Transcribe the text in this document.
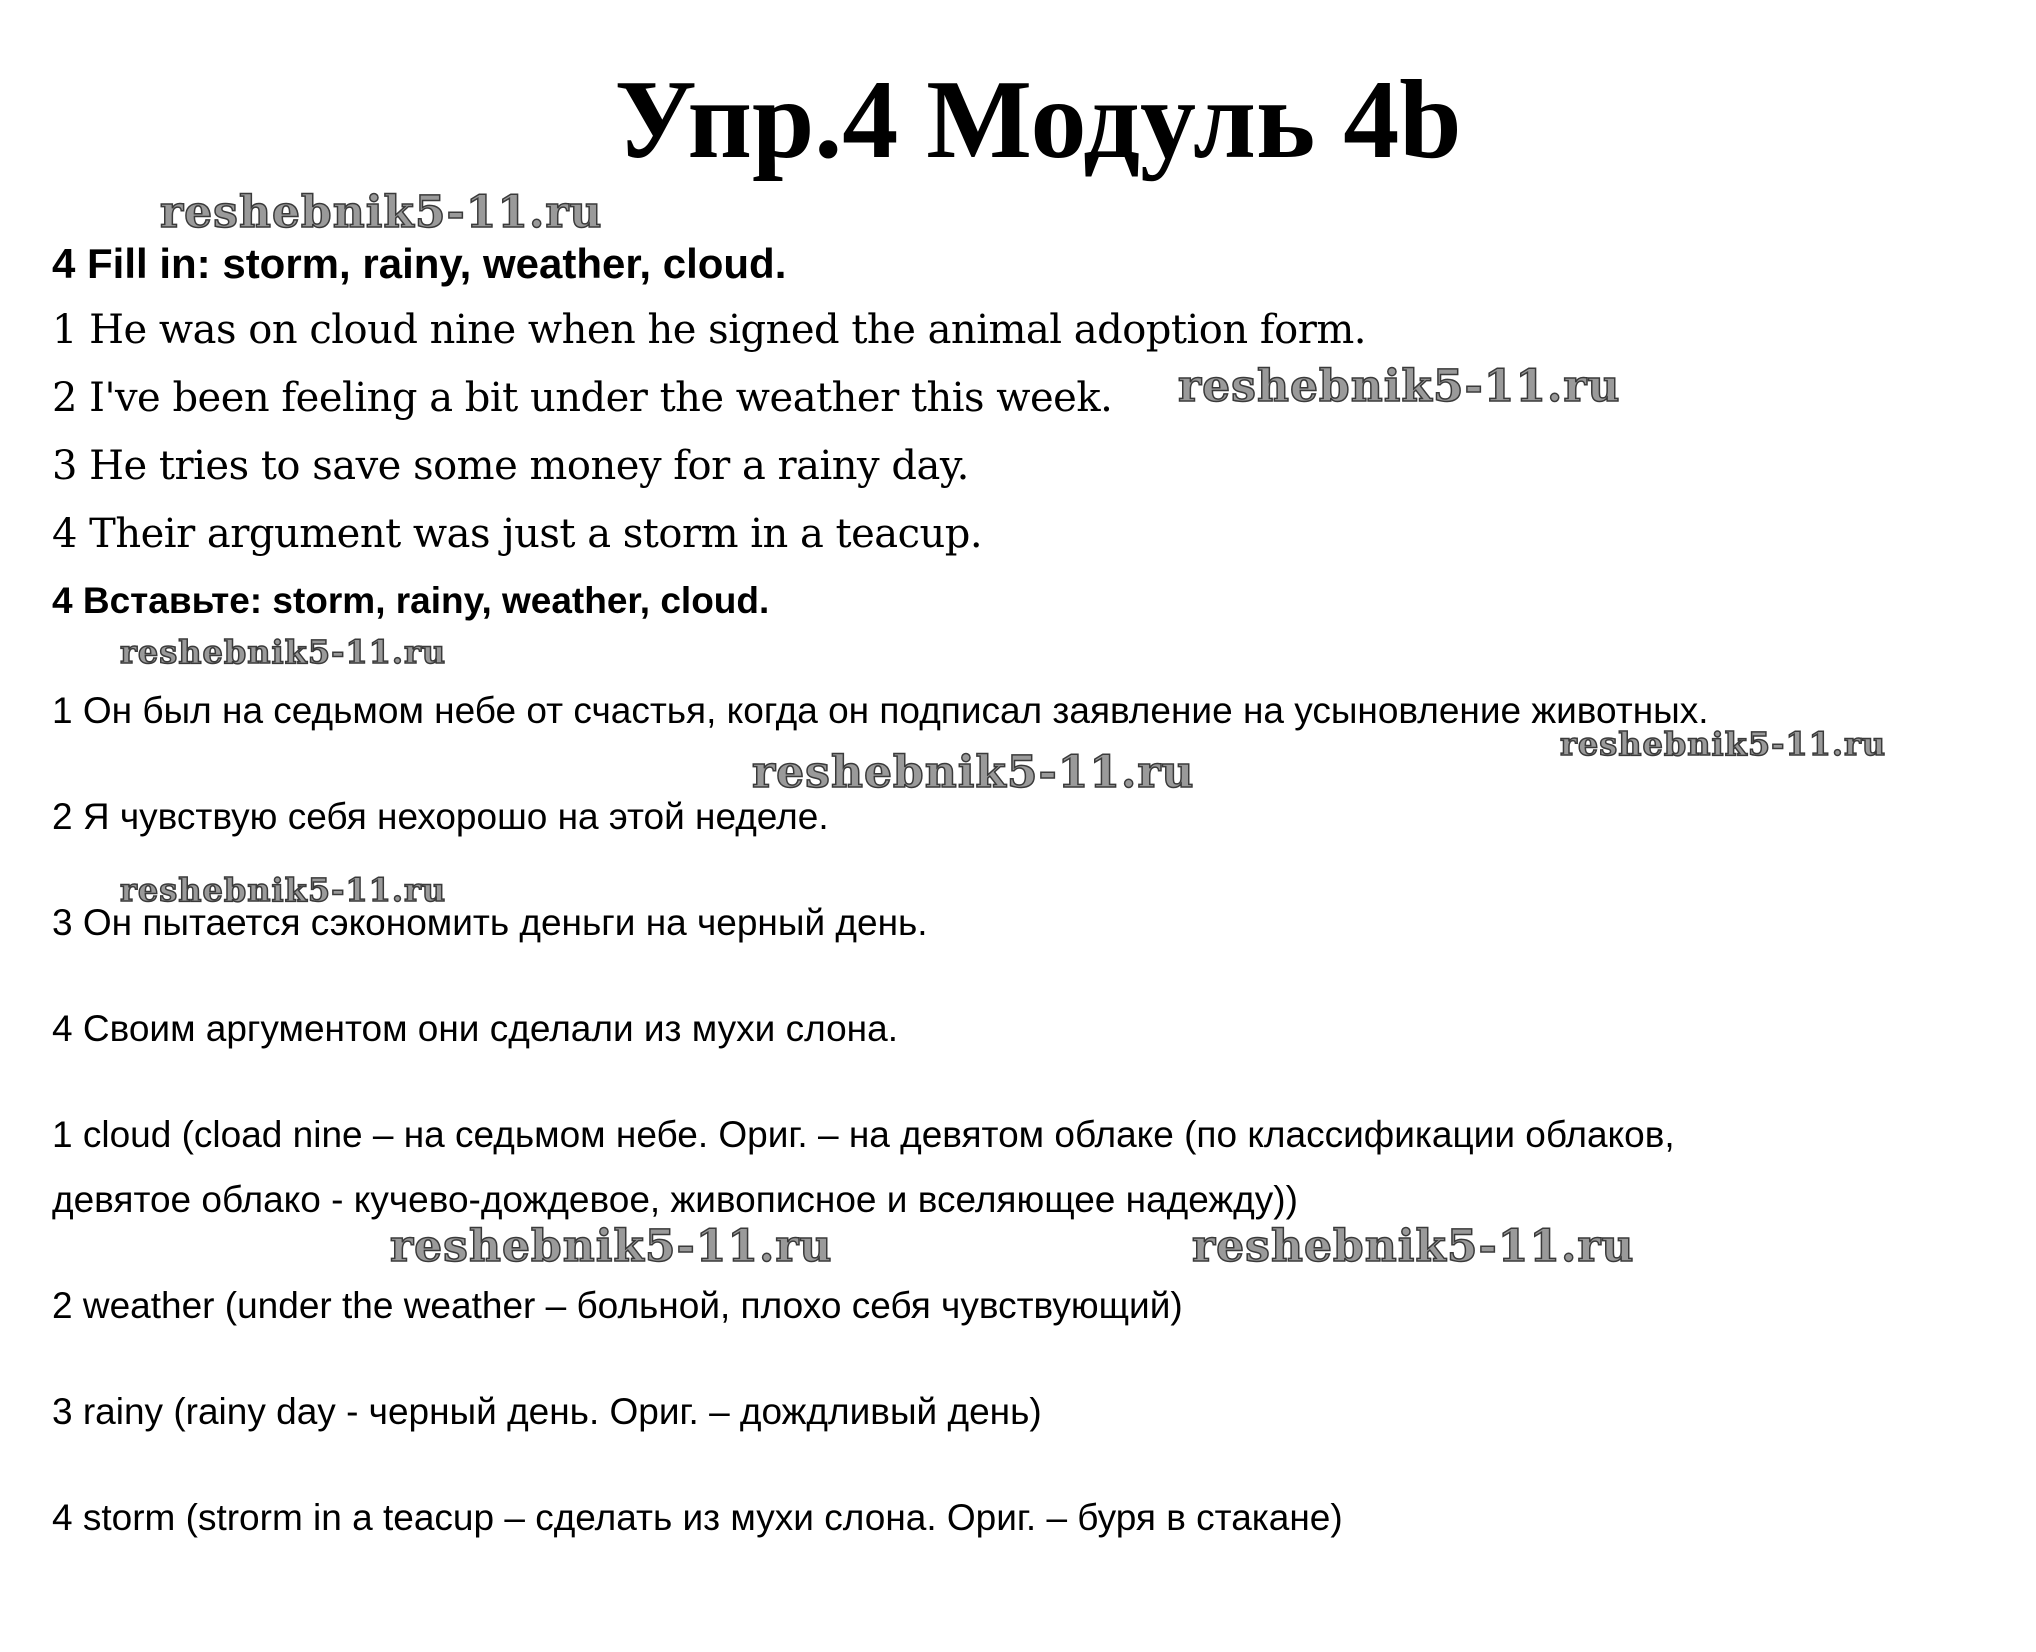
Упр.4 Модуль 4b
4 Fill in: storm, rainy, weather, cloud.
1 He was on cloud nine when he signed the animal adoption form.
2 I've been feeling a bit under the weather this week.
3 He tries to save some money for a rainy day.
4 Their argument was just a storm in a teacup.
4 Вставьте: storm, rainy, weather, cloud.
1 Он был на седьмом небе от счастья, когда он подписал заявление на усыновление животных.
2 Я чувствую себя нехорошо на этой неделе.
3 Он пытается сэкономить деньги на черный день.
4 Своим аргументом они сделали из мухи слона.
1 cloud (cload nine – на седьмом небе. Ориг. – на девятом облаке (по классификации облаков,
девятое облако - кучево-дождевое, живописное и вселяющее надежду))
2 weather (under the weather – больной, плохо себя чувствующий)
3 rainy (rainy day - черный день. Ориг. – дождливый день)
4 storm (strorm in a teacup – сделать из мухи слона. Ориг. – буря в стакане)
reshebnik5-11.ru
reshebnik5-11.ru
reshebnik5-11.ru
reshebnik5-11.ru
reshebnik5-11.ru
reshebnik5-11.ru
reshebnik5-11.ru	reshebnik5-11.ru
